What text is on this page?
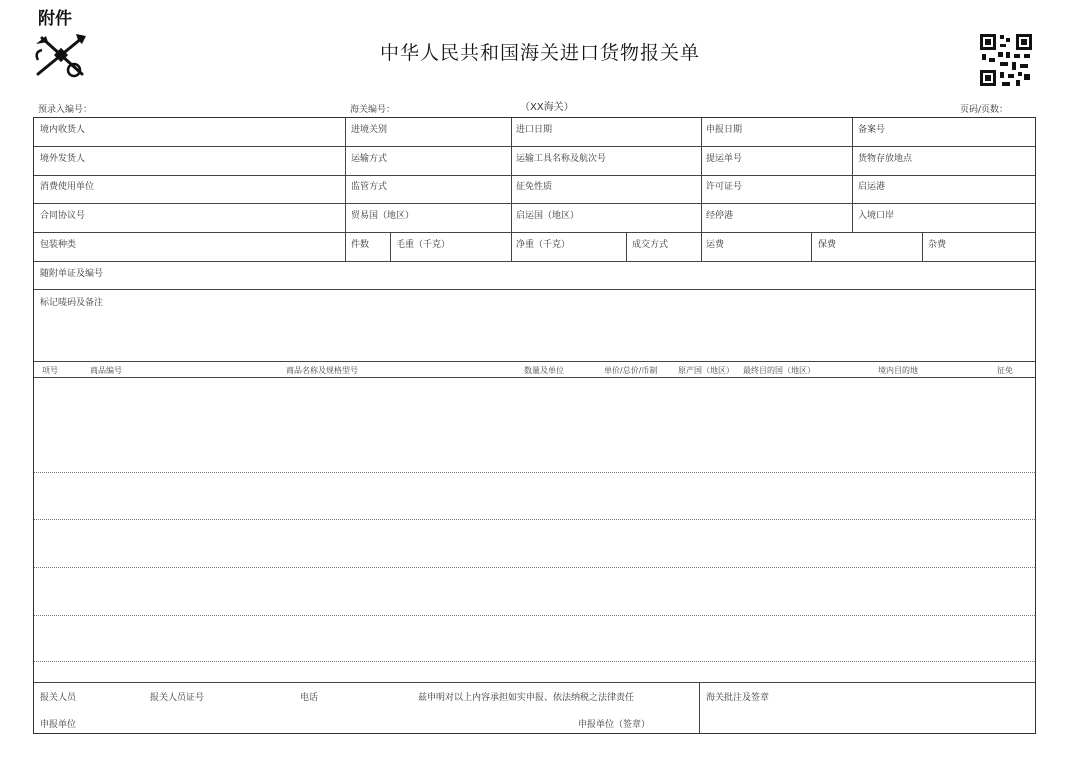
附件
中华人民共和国海关进口货物报关单
预录入编号：	海关编号：	（XX海关）	页码/页数：
境内收货人	进境关别	进口日期	申报日期	备案号
境外发货人	运输方式	运输工具名称及航次号	提运单号	货物存放地点
消费使用单位	监管方式	征免性质	许可证号	启运港
合同协议号	贸易国（地区）	启运国（地区）	经停港	入境口岸
包装种类	件数	毛重（千克）	净重（千克）	成交方式	运费	保费	杂费
随附单证及编号
标记唛码及备注
项号	商品编号	商品名称及规格型号	数量及单位	单价/总价/币制	原产国（地区） 最终目的国（地区）	境内目的地	征免
报关人员	报关人员证号	电话	兹申明对以上内容承担如实申报、依法纳税之法律责任	海关批注及签章
申报单位	申报单位（签章）
